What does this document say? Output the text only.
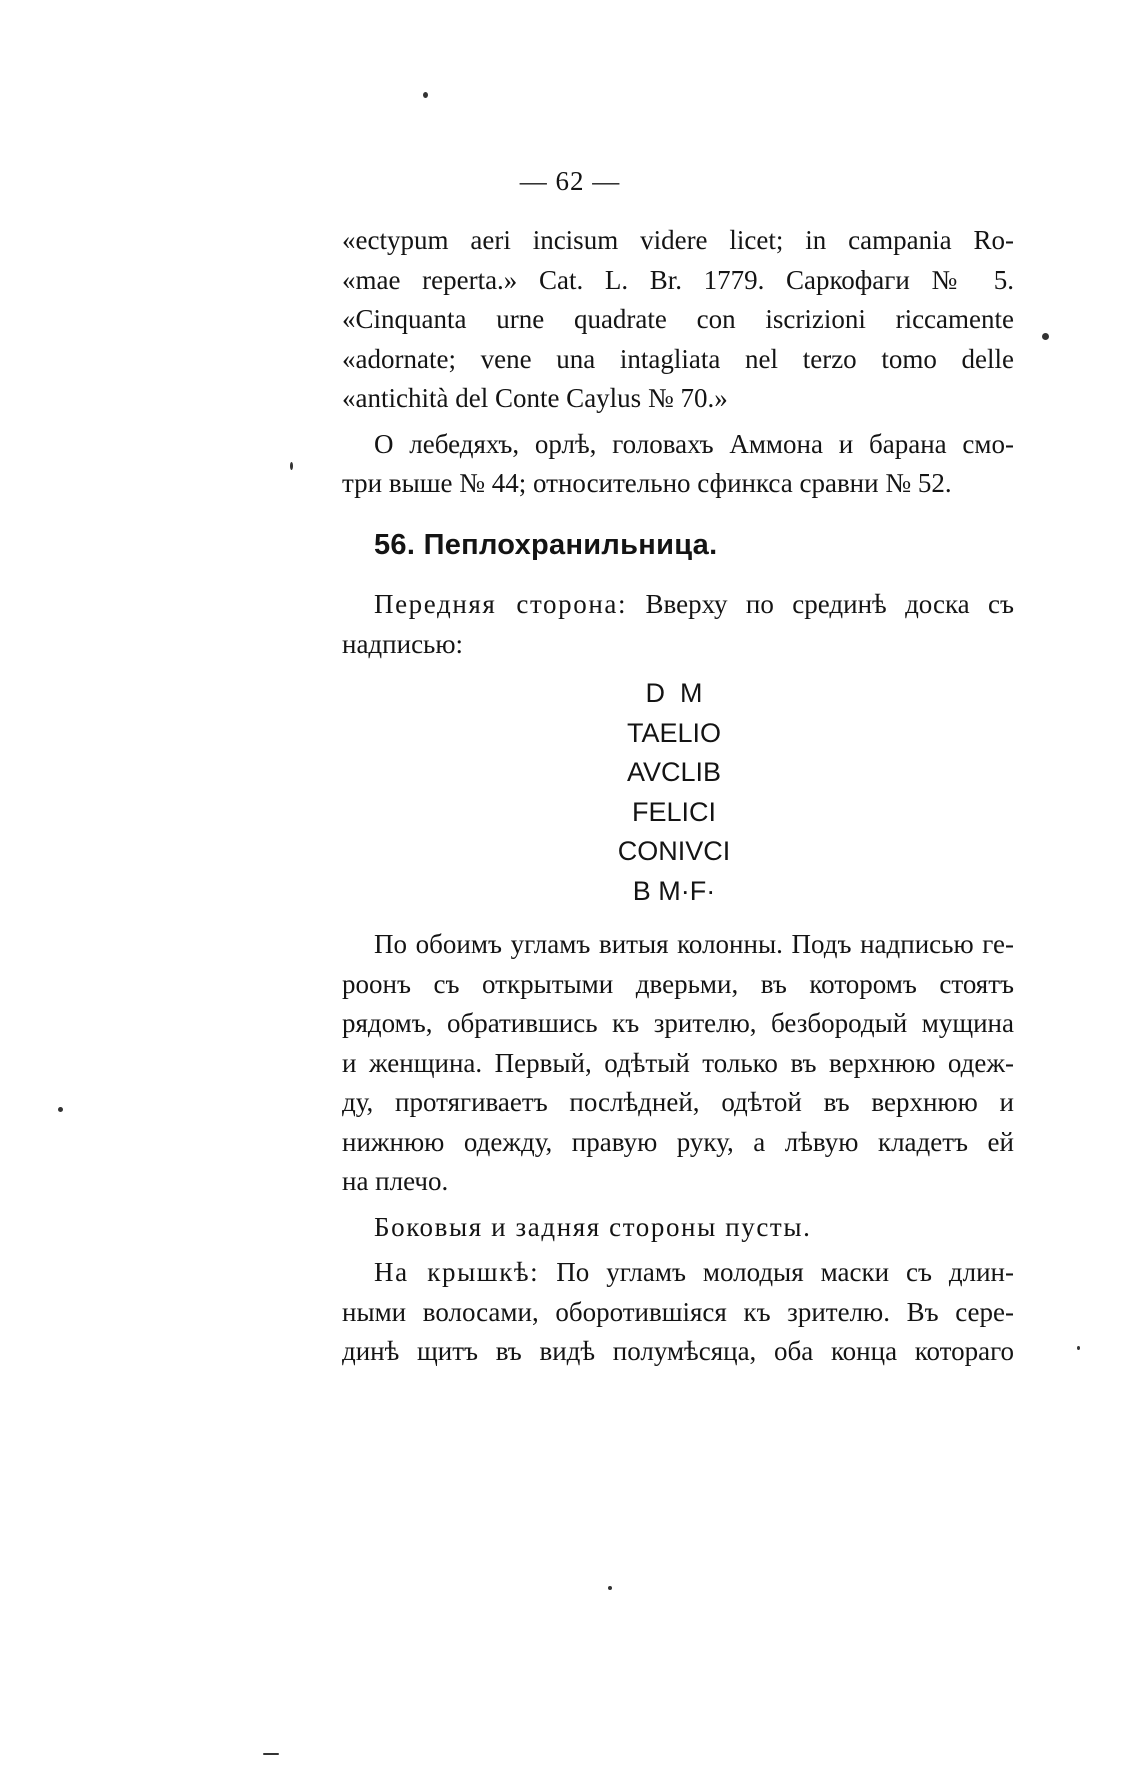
— 62 —
«ectypum aeri incisum videre licet; in campania Ro-
«mae reperta.» Cat. L. Br. 1779. Саркофаги № 5.
«Cinquanta urne quadrate con iscrizioni riccamente
«adornate; vene una intagliata nel terzo tomo delle
«antichità del Conte Caylus № 70.»
О лебедяхъ, орлѣ, головахъ Аммона и барана смо-
три выше № 44; относительно сфинкса сравни № 52.
56. Пеплохранильница.
Передняя сторона: Вверху по срединѣ доска съ
надписью:
D  M
TAELIO
AVCLIB
FELICI
CONIVCI
B M·F·
По обоимъ угламъ витыя колонны. Подъ надписью ге-
роонъ съ открытыми дверьми, въ которомъ стоятъ
рядомъ, обратившись къ зрителю, безбородый мущина
и женщина. Первый, одѣтый только въ верхнюю одеж-
ду, протягиваетъ послѣдней, одѣтой въ верхнюю и
нижнюю одежду, правую руку, а лѣвую кладетъ ей
на плечо.
Боковыя и задняя стороны пусты.
На крышкѣ: По угламъ молодыя маски съ длин-
ными волосами, оборотившіяся къ зрителю. Въ сере-
динѣ щитъ въ видѣ полумѣсяца, оба конца котораго
